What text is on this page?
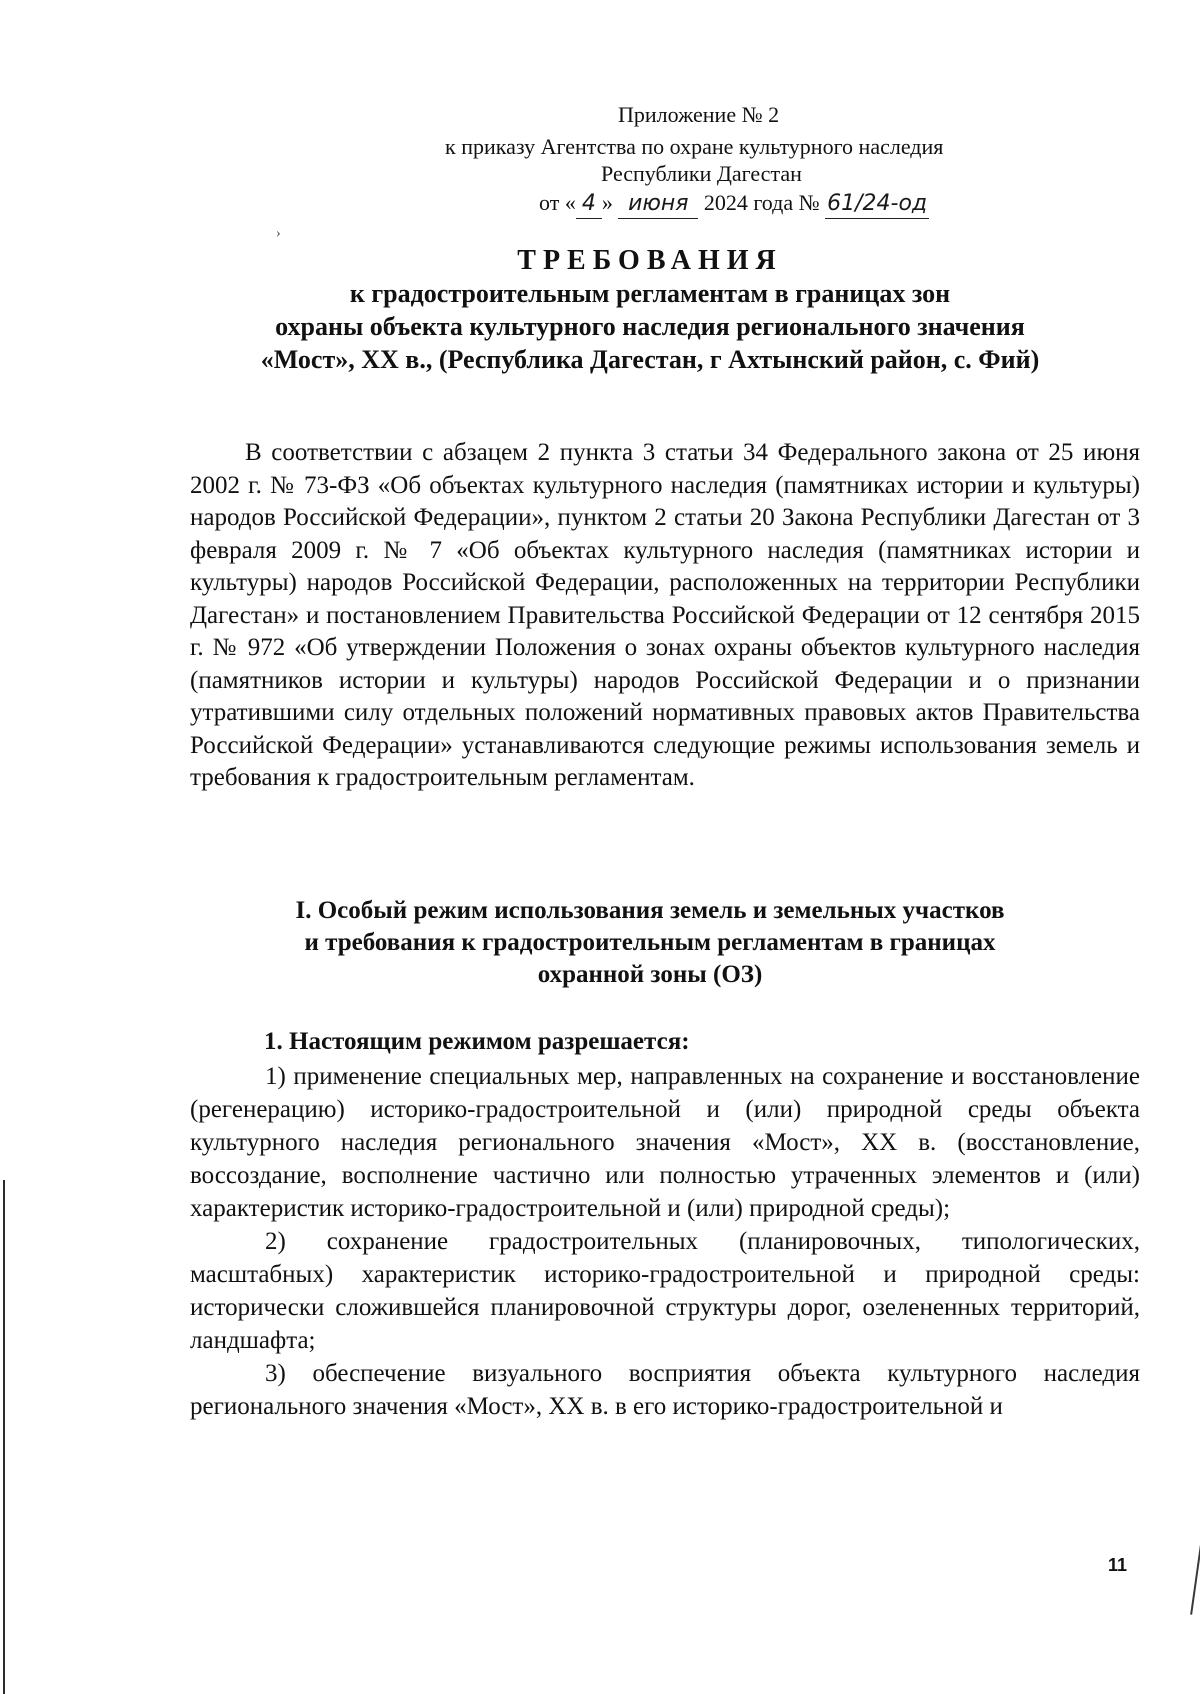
›
Приложение № 2
к приказу Агентства по охране культурного наследия
Республики Дагестан
от « 4 » июня 2024 года № 61/24-од
ТРЕБОВАНИЯ
к градостроительным регламентам в границах зон
охраны объекта культурного наследия регионального значения
«Мост», XX в., (Республика Дагестан, г Ахтынский район, с. Фий)
В соответствии с абзацем 2 пункта 3 статьи 34 Федерального закона от 25 июня 2002 г. № 73-ФЗ «Об объектах культурного наследия (памятниках истории и культуры) народов Российской Федерации», пунктом 2 статьи 20 Закона Республики Дагестан от 3 февраля 2009 г. № 7 «Об объектах культурного наследия (памятниках истории и культуры) народов Российской Федерации, расположенных на территории Республики Дагестан» и постановлением Правительства Российской Федерации от 12 сентября 2015 г. № 972 «Об утверждении Положения о зонах охраны объектов культурного наследия (памятников истории и культуры) народов Российской Федерации и о признании утратившими силу отдельных положений нормативных правовых актов Правительства Российской Федерации» устанавливаются следующие режимы использования земель и требования к градостроительным регламентам.
I. Особый режим использования земель и земельных участков
и требования к градостроительным регламентам в границах
охранной зоны (ОЗ)
1. Настоящим режимом разрешается:

1) применение специальных мер, направленных на сохранение и восстановление (регенерацию) историко-градостроительной и (или) природной среды объекта культурного наследия регионального значения «Мост», XX в. (восстановление, воссоздание, восполнение частично или полностью утраченных элементов и (или) характеристик историко-градостроительной и (или) природной среды);

2) сохранение градостроительных (планировочных, типологических, масштабных) характеристик историко-градостроительной и природной среды: исторически сложившейся планировочной структуры дорог, озелененных территорий, ландшафта;

3) обеспечение визуального восприятия объекта культурного наследия регионального значения «Мост», XX в. в его историко-градостроительной и

11
